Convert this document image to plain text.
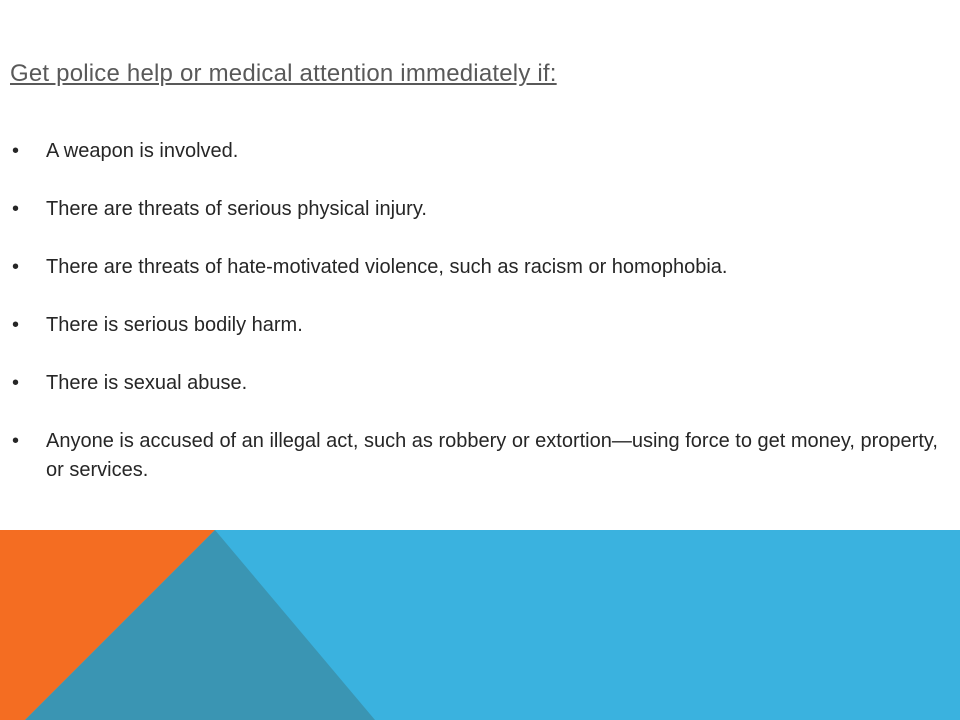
Get police help or medical attention immediately if:
• A weapon is involved.
• There are threats of serious physical injury.
• There are threats of hate-motivated violence, such as racism or homophobia.
• There is serious bodily harm.
• There is sexual abuse.
• Anyone is accused of an illegal act, such as robbery or extortion—using force to get money, property, or services.
